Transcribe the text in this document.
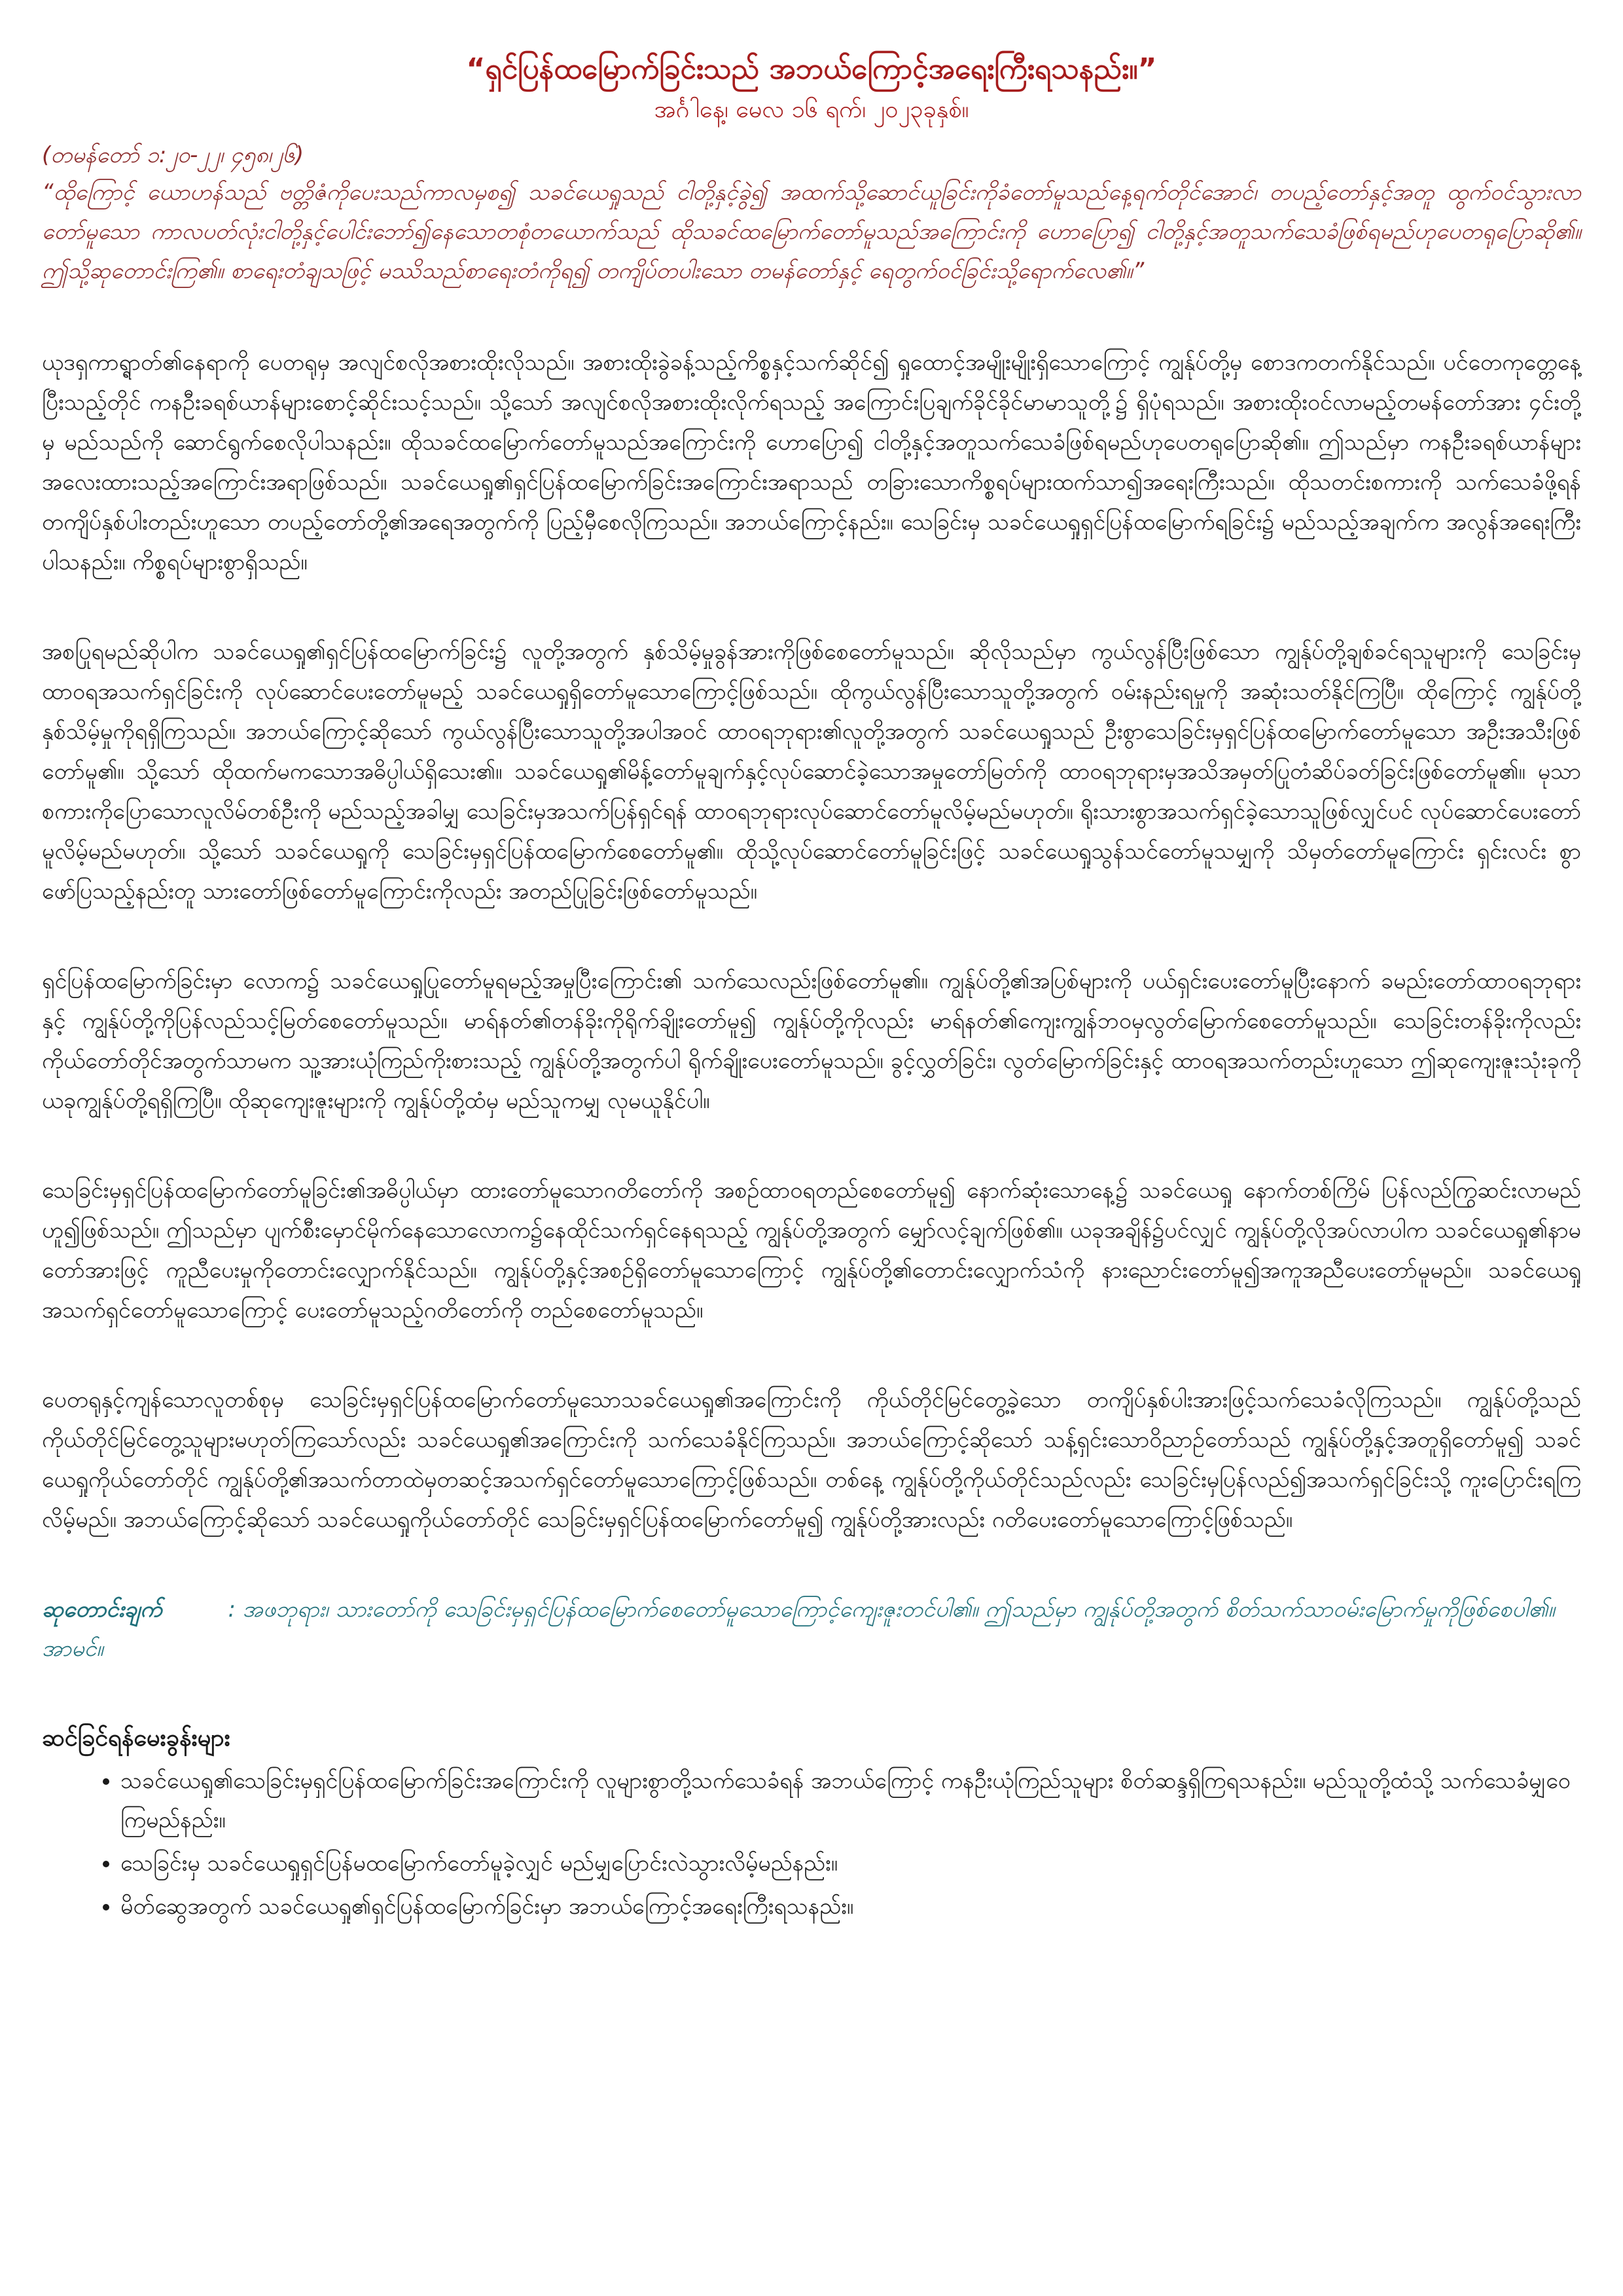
“ရှင်ပြန်ထမြောက်ခြင်းသည် အဘယ်ကြောင့်အရေးကြီးရသနည်း။”

အင်္ဂါနေ့၊ မေလ ၁၆ ရက်၊ ၂၀၂၃ခုနှစ်။

(တမန်တော် ၁:၂၀-၂၂၊ ၄၅၈၊၂၆)

“ထိုကြောင့် ယောဟန်သည် ဗတ္တိဇံကိုပေးသည်ကာလမှစ၍ သခင်ယေရှုသည် ငါတို့နှင့်ခွဲ၍ အထက်သို့ဆောင်ယူခြင်းကိုခံတော်မူသည်နေ့ရက်တိုင်အောင်၊ တပည့်တော်နှင့်အတူ ထွက်ဝင်သွားလာတော်မူသော ကာလပတ်လုံးငါတို့နှင့်ပေါင်းဘော်၍နေသောတစုံတယောက်သည် ထိုသခင်ထမြောက်တော်မူသည်အကြောင်းကို ဟောပြော၍ ငါတို့နှင့်အတူသက်သေခံဖြစ်ရမည်ဟုပေတရုပြောဆို၏။ ဤသို့ဆုတောင်းကြ၏။ စာရေးတံချသဖြင့် မဿိသည်စာရေးတံကိုရ၍ တကျိပ်တပါးသော တမန်တော်နှင့် ရေတွက်ဝင်ခြင်းသို့ရောက်လေ၏။”

ယုဒရှကာရ္ရာတ်၏နေရာကို ပေတရုမှ အလျင်စလိုအစားထိုးလိုသည်။ အစားထိုးခွဲခန့်သည့်ကိစ္စနှင့်သက်ဆိုင်၍ ရှုထောင့်အမျိုးမျိုးရှိသောကြောင့် ကျွန်ုပ်တို့မှ စောဒကတက်နိုင်သည်။ ပင်တေကုတ္တေနေ့ပြီးသည့်တိုင် ကနဦးခရစ်ယာန်များစောင့်ဆိုင်းသင့်သည်။ သို့သော် အလျင်စလိုအစားထိုးလိုက်ရသည့် အကြောင်းပြချက်ခိုင်ခိုင်မာမာသူတို့၌ ရှိပုံရသည်။ အစားထိုးဝင်လာမည့်တမန်တော်အား ၄င်းတို့မှ မည်သည်ကို ဆောင်ရွက်စေလိုပါသနည်း။ ထိုသခင်ထမြောက်တော်မူသည်အကြောင်းကို ဟောပြော၍ ငါတို့နှင့်အတူသက်သေခံဖြစ်ရမည်ဟုပေတရုပြောဆို၏။ ဤသည်မှာ ကနဦးခရစ်ယာန်များအလေးထားသည့်အကြောင်းအရာဖြစ်သည်။ သခင်ယေရှု၏ရှင်ပြန်ထမြောက်ခြင်းအကြောင်းအရာသည် တခြားသောကိစ္စရပ်များထက်သာ၍အရေးကြီးသည်။ ထိုသတင်းစကားကို သက်သေခံဖို့ရန် တကျိပ်နှစ်ပါးတည်းဟူသော တပည့်တော်တို့၏အရေအတွက်ကို ပြည့်မှီစေလိုကြသည်။ အဘယ်ကြောင့်နည်း။ သေခြင်းမှ သခင်ယေရှုရှင်ပြန်ထမြောက်ရခြင်း၌ မည်သည့်အချက်က အလွန်အရေးကြီးပါသနည်း။ ကိစ္စရပ်များစွာရှိသည်။

အစပြုရမည်ဆိုပါက သခင်ယေရှု၏ရှင်ပြန်ထမြောက်ခြင်း၌ လူတို့အတွက် နှစ်သိမ့်မှုခွန်အားကိုဖြစ်စေတော်မူသည်။ ဆိုလိုသည်မှာ ကွယ်လွန်ပြီးဖြစ်သော ကျွန်ုပ်တို့ချစ်ခင်ရသူများကို သေခြင်းမှထာဝရအသက်ရှင်ခြင်းကို လုပ်ဆောင်ပေးတော်မူမည့် သခင်ယေရှုရှိတော်မူသောကြောင့်ဖြစ်သည်။ ထိုကွယ်လွန်ပြီးသောသူတို့အတွက် ဝမ်းနည်းရမှုကို အဆုံးသတ်နိုင်ကြပြီ။ ထိုကြောင့် ကျွန်ုပ်တို့နှစ်သိမ့်မှုကိုရရှိကြသည်။ အဘယ်ကြောင့်ဆိုသော် ကွယ်လွန်ပြီးသောသူတို့အပါအဝင် ထာဝရဘုရား၏လူတို့အတွက် သခင်ယေရှုသည် ဦးစွာသေခြင်းမှရှင်ပြန်ထမြောက်တော်မူသော အဦးအသီးဖြစ်တော်မူ၏။ သို့သော် ထိုထက်မကသောအဓိပ္ပါယ်ရှိသေး၏။ သခင်ယေရှု၏မိန့်တော်မူချက်နှင့်လုပ်ဆောင်ခဲ့သောအမှုတော်မြတ်ကို ထာဝရဘုရားမှအသိအမှတ်ပြုတံဆိပ်ခတ်ခြင်းဖြစ်တော်မူ၏။ မုသာစကားကိုပြောသောလူလိမ်တစ်ဦးကို မည်သည့်အခါမျှ သေခြင်းမှအသက်ပြန်ရှင်ရန် ထာဝရဘုရားလုပ်ဆောင်တော်မူလိမ့်မည်မဟုတ်။ ရိုးသားစွာအသက်ရှင်ခဲ့သောသူဖြစ်လျှင်ပင် လုပ်ဆောင်ပေးတော်မူလိမ့်မည်မဟုတ်။ သို့သော် သခင်ယေရှုကို သေခြင်းမှရှင်ပြန်ထမြောက်စေတော်မူ၏။ ထိုသို့လုပ်ဆောင်တော်မူခြင်းဖြင့် သခင်ယေရှုသွန်သင်တော်မူသမျှကို သိမှတ်တော်မူကြောင်း ရှင်းလင်း စွာဖော်ပြသည့်နည်းတူ သားတော်ဖြစ်တော်မူကြောင်းကိုလည်း အတည်ပြုခြင်းဖြစ်တော်မူသည်။

ရှင်ပြန်ထမြောက်ခြင်းမှာ လောက၌ သခင်ယေရှုပြုတော်မူရမည့်အမှုပြီးကြောင်း၏ သက်သေလည်းဖြစ်တော်မူ၏။ ကျွန်ုပ်တို့၏အပြစ်များကို ပယ်ရှင်းပေးတော်မူပြီးနောက် ခမည်းတော်ထာဝရဘုရားနှင့် ကျွန်ုပ်တို့ကိုပြန်လည်သင့်မြတ်စေတော်မူသည်။ မာရ်နတ်၏တန်ခိုးကိုရိုက်ချိုးတော်မူ၍ ကျွန်ုပ်တို့ကိုလည်း မာရ်နတ်၏ကျေးကျွန်ဘဝမှလွတ်မြောက်စေတော်မူသည်။ သေခြင်းတန်ခိုးကိုလည်း ကိုယ်တော်တိုင်အတွက်သာမက သူ့အားယုံကြည်ကိုးစားသည့် ကျွန်ုပ်တို့အတွက်ပါ ရိုက်ချိုးပေးတော်မူသည်။ ခွင့်လွှတ်ခြင်း၊ လွတ်မြောက်ခြင်းနှင့် ထာဝရအသက်တည်းဟူသော ဤဆုကျေးဇူးသုံးခုကို ယခုကျွန်ုပ်တို့ရရှိကြပြီ။ ထိုဆုကျေးဇူးများကို ကျွန်ုပ်တို့ထံမှ မည်သူကမျှ လုမယူနိုင်ပါ။

သေခြင်းမှရှင်ပြန်ထမြောက်တော်မူခြင်း၏အဓိပ္ပါယ်မှာ ထားတော်မူသောဂတိတော်ကို အစဉ်ထာဝရတည်စေတော်မူ၍ နောက်ဆုံးသောနေ့၌ သခင်ယေရှု နောက်တစ်ကြိမ် ပြန်လည်ကြွဆင်းလာမည်ဟူ၍ဖြစ်သည်။ ဤသည်မှာ ပျက်စီးမှောင်မိုက်နေသောလောက၌နေထိုင်သက်ရှင်နေရသည့် ကျွန်ုပ်တို့အတွက် မျှော်လင့်ချက်ဖြစ်၏။ ယခုအချိန်၌ပင်လျှင် ကျွန်ုပ်တို့လိုအပ်လာပါက သခင်ယေရှု၏နာမတော်အားဖြင့် ကူညီပေးမှုကိုတောင်းလျှောက်နိုင်သည်။ ကျွန်ုပ်တို့နှင့်အစဉ်ရှိတော်မူသောကြောင့် ကျွန်ုပ်တို့၏တောင်းလျှောက်သံကို နားညောင်းတော်မူ၍အကူအညီပေးတော်မူမည်။ သခင်ယေရှုအသက်ရှင်တော်မူသောကြောင့် ပေးတော်မူသည့်ဂတိတော်ကို တည်စေတော်မူသည်။

ပေတရုနှင့်ကျန်သောလူတစ်စုမှ သေခြင်းမှရှင်ပြန်ထမြောက်တော်မူသောသခင်ယေရှု၏အကြောင်းကို ကိုယ်တိုင်မြင်တွေ့ခဲ့သော တကျိပ်နှစ်ပါးအားဖြင့်သက်သေခံလိုကြသည်။ ကျွန်ုပ်တို့သည် ကိုယ်တိုင်မြင်တွေ့သူများမဟုတ်ကြသော်လည်း သခင်ယေရှု၏အကြောင်းကို သက်သေခံနိုင်ကြသည်။ အဘယ်ကြောင့်ဆိုသော် သန့်ရှင်းသောဝိညာဉ်တော်သည် ကျွန်ုပ်တို့နှင့်အတူရှိတော်မူ၍ သခင်ယေရှုကိုယ်တော်တိုင် ကျွန်ုပ်တို့၏အသက်တာထဲမှတဆင့်အသက်ရှင်တော်မူသောကြောင့်ဖြစ်သည်။ တစ်နေ့ ကျွန်ုပ်တို့ကိုယ်တိုင်သည်လည်း သေခြင်းမှပြန်လည်၍အသက်ရှင်ခြင်းသို့ ကူးပြောင်းရကြလိမ့်မည်။ အဘယ်ကြောင့်ဆိုသော် သခင်ယေရှုကိုယ်တော်တိုင် သေခြင်းမှရှင်ပြန်ထမြောက်တော်မူ၍ ကျွန်ုပ်တို့အားလည်း ဂတိပေးတော်မူသောကြောင့်ဖြစ်သည်။

ဆုတောင်းချက်	: အဖဘုရား၊ သားတော်ကို သေခြင်းမှရှင်ပြန်ထမြောက်စေတော်မူသောကြောင့်ကျေးဇူးတင်ပါ၏။ ဤသည်မှာ ကျွန်ုပ်တို့အတွက် စိတ်သက်သာဝမ်းမြောက်မှုကိုဖြစ်စေပါ၏။ အာမင်။

ဆင်ခြင်ရန်မေးခွန်းများ

• သခင်ယေရှု၏သေခြင်းမှရှင်ပြန်ထမြောက်ခြင်းအကြောင်းကို လူများစွာတို့သက်သေခံရန် အဘယ်ကြောင့် ကနဦးယုံကြည်သူများ စိတ်ဆန္ဒရှိကြရသနည်း။ မည်သူတို့ထံသို့ သက်သေခံမျှဝေကြမည်နည်း။
• သေခြင်းမှ သခင်ယေရှုရှင်ပြန်မထမြောက်တော်မူခဲ့လျှင် မည်မျှပြောင်းလဲသွားလိမ့်မည်နည်း။
• မိတ်ဆွေအတွက် သခင်ယေရှု၏ရှင်ပြန်ထမြောက်ခြင်းမှာ အဘယ်ကြောင့်အရေးကြီးရသနည်း။
